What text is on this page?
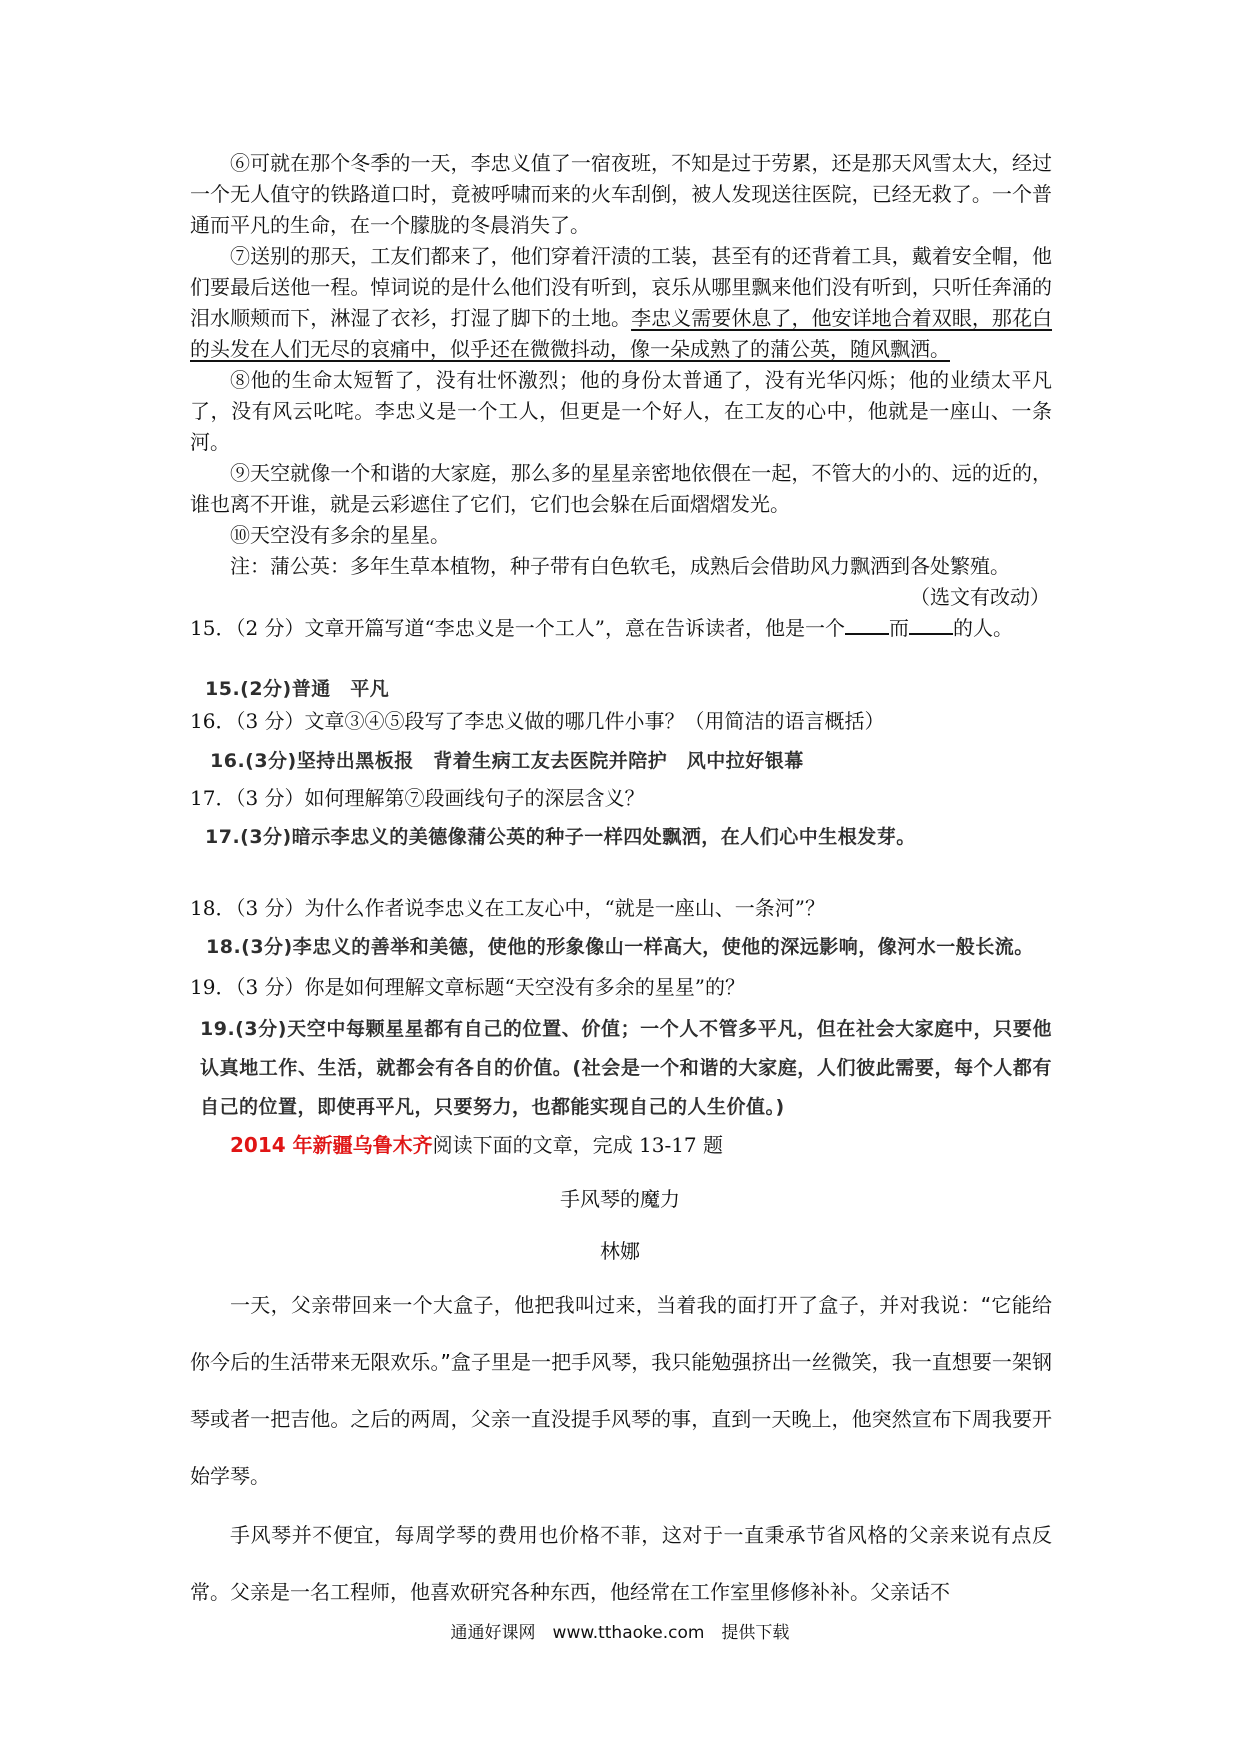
⑥可就在那个冬季的一天，李忠义值了一宿夜班，不知是过于劳累，还是那天风雪太大，经过一个无人值守的铁路道口时，竟被呼啸而来的火车刮倒，被人发现送往医院，已经无救了。一个普通而平凡的生命，在一个朦胧的冬晨消失了。

⑦送别的那天，工友们都来了，他们穿着汗渍的工装，甚至有的还背着工具，戴着安全帽，他们要最后送他一程。悼词说的是什么他们没有听到，哀乐从哪里飘来他们没有听到，只听任奔涌的泪水顺颊而下，淋湿了衣衫，打湿了脚下的土地。李忠义需要休息了，他安详地合着双眼，那花白的头发在人们无尽的哀痛中，似乎还在微微抖动，像一朵成熟了的蒲公英，随风飘洒。

⑧他的生命太短暂了，没有壮怀激烈；他的身份太普通了，没有光华闪烁；他的业绩太平凡了，没有风云叱咤。李忠义是一个工人，但更是一个好人，在工友的心中，他就是一座山、一条河。

⑨天空就像一个和谐的大家庭，那么多的星星亲密地依偎在一起，不管大的小的、远的近的，谁也离不开谁，就是云彩遮住了它们，它们也会躲在后面熠熠发光。

⑩天空没有多余的星星。

注：蒲公英：多年生草本植物，种子带有白色软毛，成熟后会借助风力飘洒到各处繁殖。

（选文有改动）

15．（2 分）文章开篇写道“李忠义是一个工人”，意在告诉读者，他是一个 而 的人。

15.(2分)普通　平凡

16．（3 分）文章③④⑤段写了李忠义做的哪几件小事？（用简洁的语言概括）

16.(3分)坚持出黑板报　背着生病工友去医院并陪护　风中拉好银幕

17．（3 分）如何理解第⑦段画线句子的深层含义？

17.(3分)暗示李忠义的美德像蒲公英的种子一样四处飘洒，在人们心中生根发芽。

18．（3 分）为什么作者说李忠义在工友心中，“就是一座山、一条河”？

18.(3分)李忠义的善举和美德，使他的形象像山一样高大，使他的深远影响，像河水一般长流。

19．（3 分）你是如何理解文章标题“天空没有多余的星星”的？

19.(3分)天空中每颗星星都有自己的位置、价值；一个人不管多平凡，但在社会大家庭中，只要他认真地工作、生活，就都会有各自的价值。(社会是一个和谐的大家庭，人们彼此需要，每个人都有自己的位置，即使再平凡，只要努力，也都能实现自己的人生价值。)

2014 年新疆乌鲁木齐阅读下面的文章，完成 13-17 题

手风琴的魔力
林娜

一天，父亲带回来一个大盒子，他把我叫过来，当着我的面打开了盒子，并对我说：“它能给你今后的生活带来无限欢乐。”盒子里是一把手风琴，我只能勉强挤出一丝微笑，我一直想要一架钢琴或者一把吉他。之后的两周，父亲一直没提手风琴的事，直到一天晚上，他突然宣布下周我要开始学琴。

手风琴并不便宜，每周学琴的费用也价格不菲，这对于一直秉承节省风格的父亲来说有点反常。父亲是一名工程师，他喜欢研究各种东西，他经常在工作室里修修补补。父亲话不

通通好课网　www.tthaoke.com　提供下载
